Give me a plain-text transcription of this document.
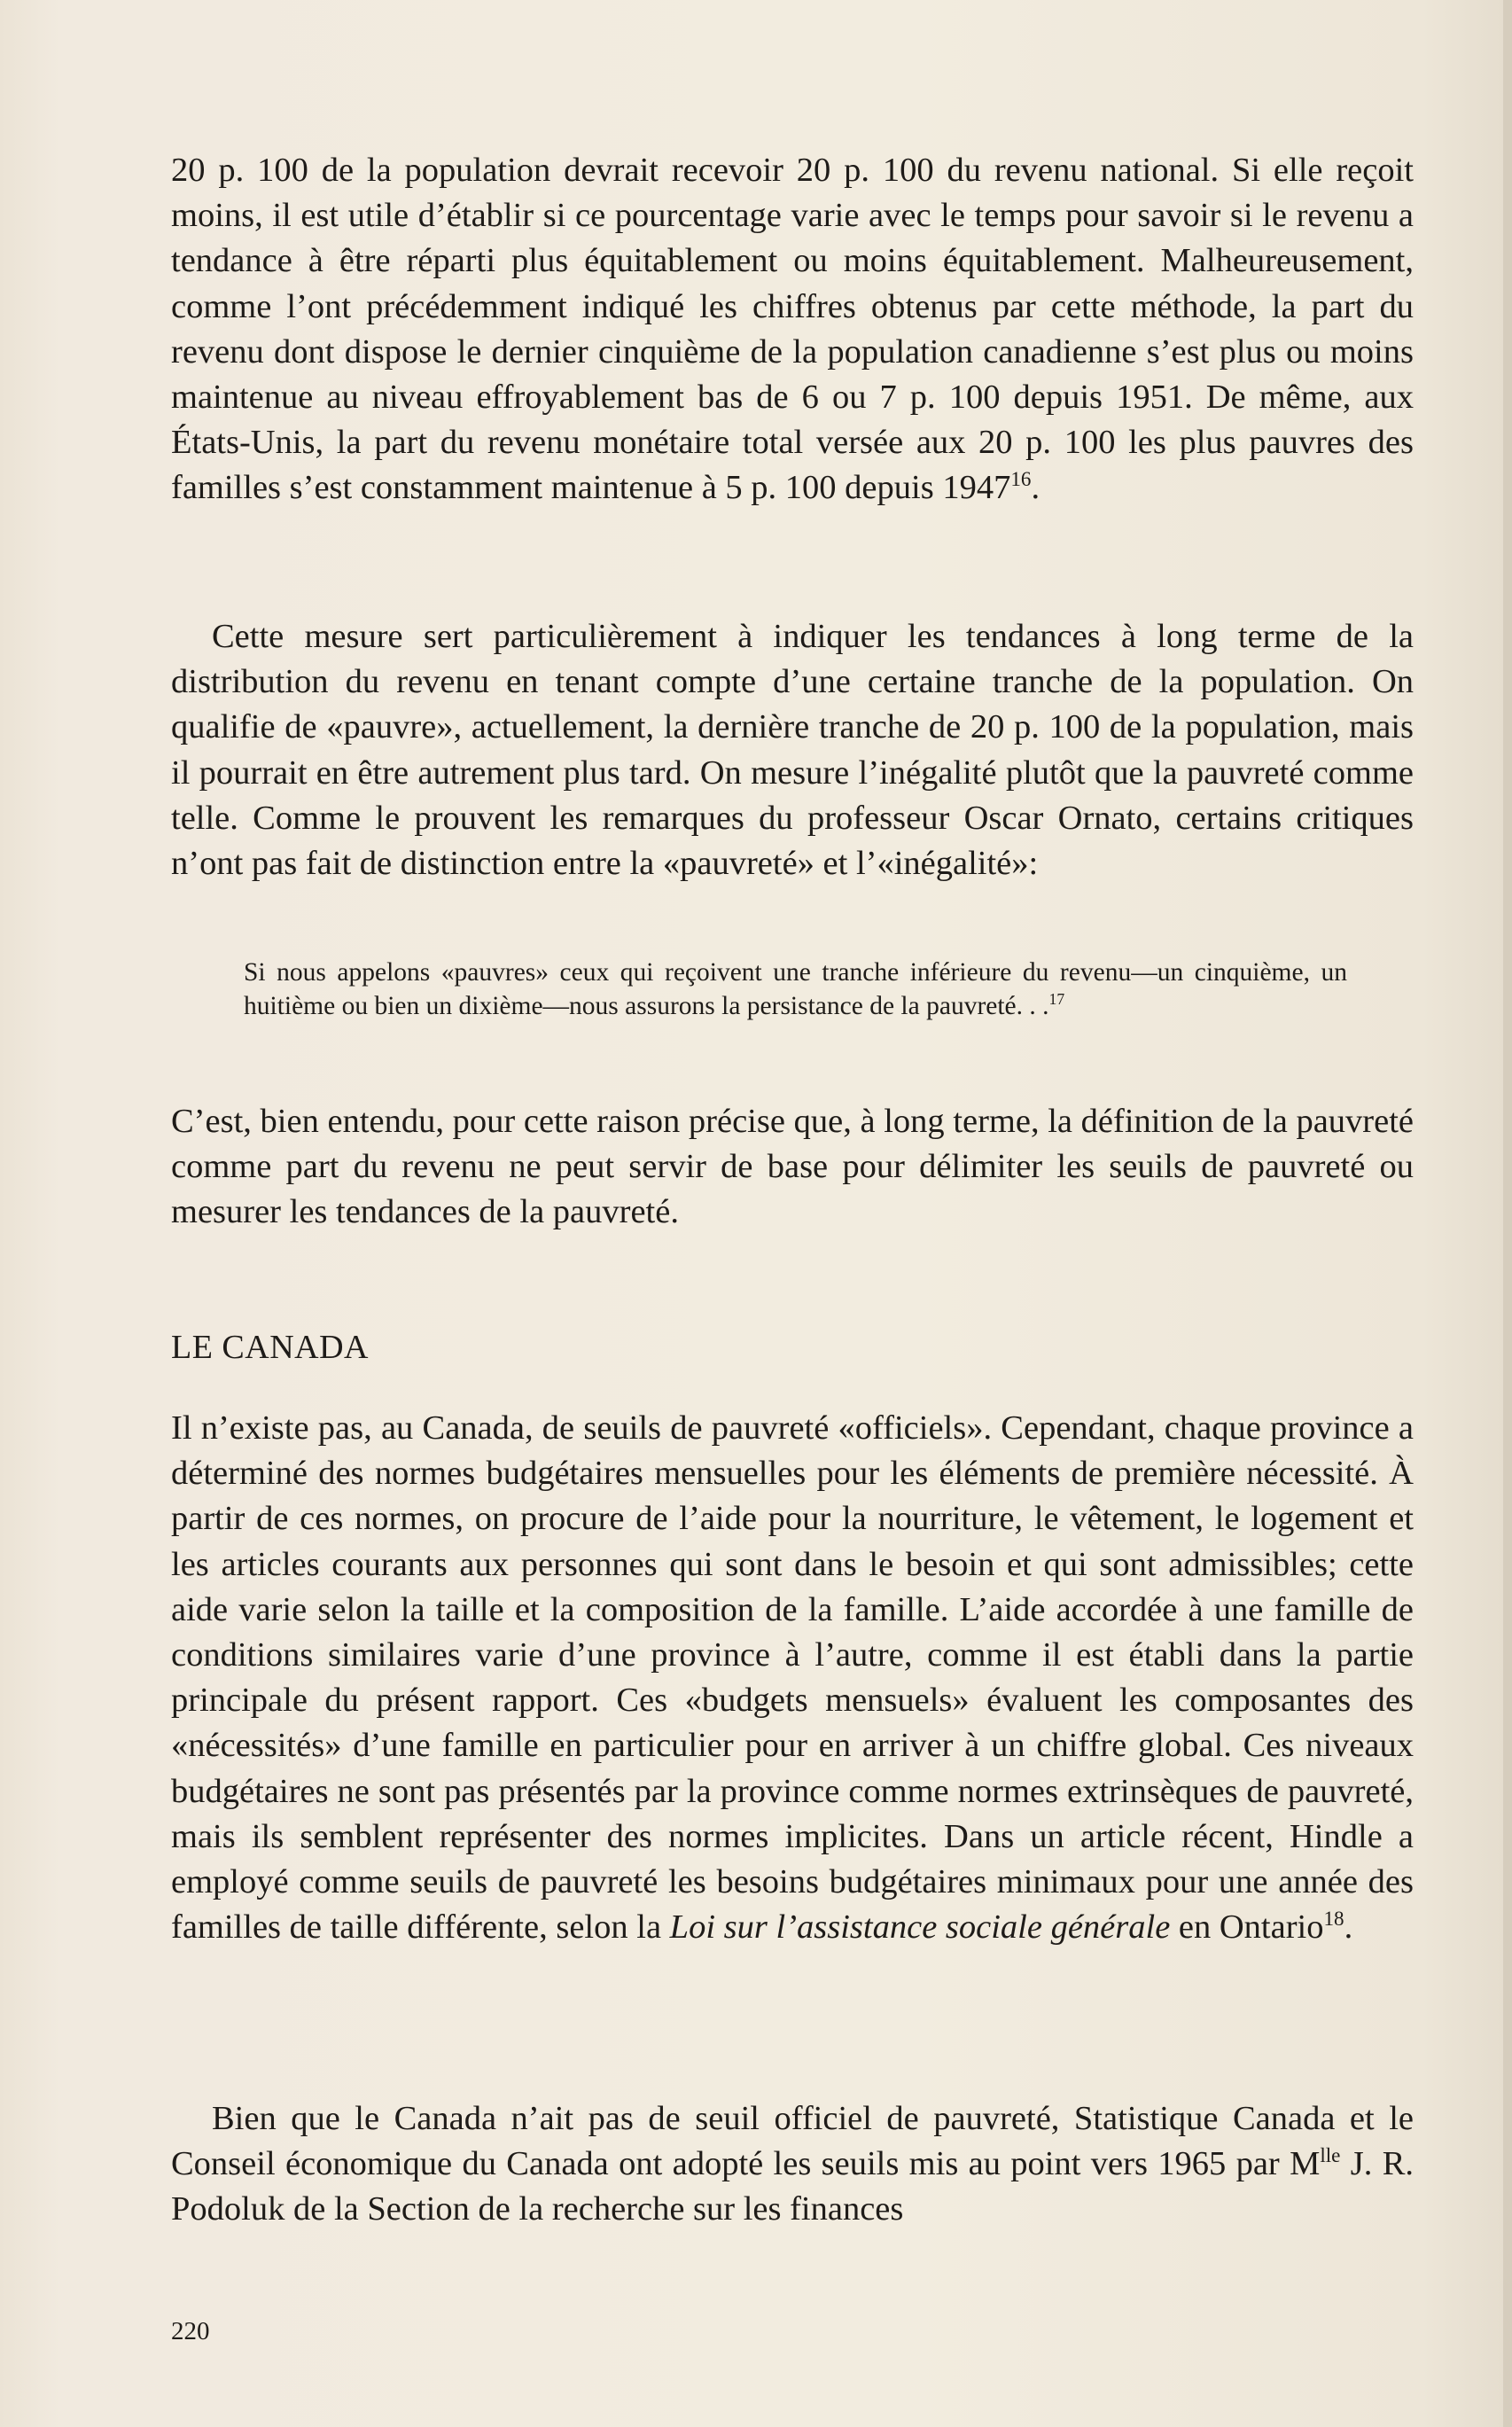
20 p. 100 de la population devrait recevoir 20 p. 100 du revenu national. Si elle reçoit moins, il est utile d’établir si ce pourcentage varie avec le temps pour savoir si le revenu a tendance à être réparti plus équitablement ou moins équitablement. Malheureusement, comme l’ont précédemment indiqué les chiffres obtenus par cette méthode, la part du revenu dont dispose le dernier cinquième de la population canadienne s’est plus ou moins maintenue au niveau effroyablement bas de 6 ou 7 p. 100 depuis 1951. De même, aux États-Unis, la part du revenu monétaire total versée aux 20 p. 100 les plus pauvres des familles s’est constamment maintenue à 5 p. 100 depuis 1947$^{16}$.

Cette mesure sert particulièrement à indiquer les tendances à long terme de la distribution du revenu en tenant compte d’une certaine tranche de la population. On qualifie de «pauvre», actuellement, la dernière tranche de 20 p. 100 de la population, mais il pourrait en être autrement plus tard. On mesure l’inégalité plutôt que la pauvreté comme telle. Comme le prouvent les remarques du professeur Oscar Ornato, certains critiques n’ont pas fait de distinction entre la «pauvreté» et l’«inégalité»:

Si nous appelons «pauvres» ceux qui reçoivent une tranche inférieure du revenu—un cinquième, un huitième ou bien un dixième—nous assurons la persistance de la pauvreté. . .$^{17}$

C’est, bien entendu, pour cette raison précise que, à long terme, la définition de la pauvreté comme part du revenu ne peut servir de base pour délimiter les seuils de pauvreté ou mesurer les tendances de la pauvreté.

LE CANADA

Il n’existe pas, au Canada, de seuils de pauvreté «officiels». Cependant, chaque province a déterminé des normes budgétaires mensuelles pour les éléments de première nécessité. À partir de ces normes, on procure de l’aide pour la nourriture, le vêtement, le logement et les articles courants aux personnes qui sont dans le besoin et qui sont admissibles; cette aide varie selon la taille et la composition de la famille. L’aide accordée à une famille de conditions similaires varie d’une province à l’autre, comme il est établi dans la partie principale du présent rapport. Ces «budgets mensuels» évaluent les composantes des «nécessités» d’une famille en particulier pour en arriver à un chiffre global. Ces niveaux budgétaires ne sont pas présentés par la province comme normes extrinsèques de pauvreté, mais ils semblent représenter des normes implicites. Dans un article récent, Hindle a employé comme seuils de pauvreté les besoins budgétaires minimaux pour une année des familles de taille différente, selon la Loi sur l’assistance sociale générale en Ontario$^{18}$.

Bien que le Canada n’ait pas de seuil officiel de pauvreté, Statistique Canada et le Conseil économique du Canada ont adopté les seuils mis au point vers 1965 par $M^{lle}$ J. R. Podoluk de la Section de la recherche sur les finances

220
